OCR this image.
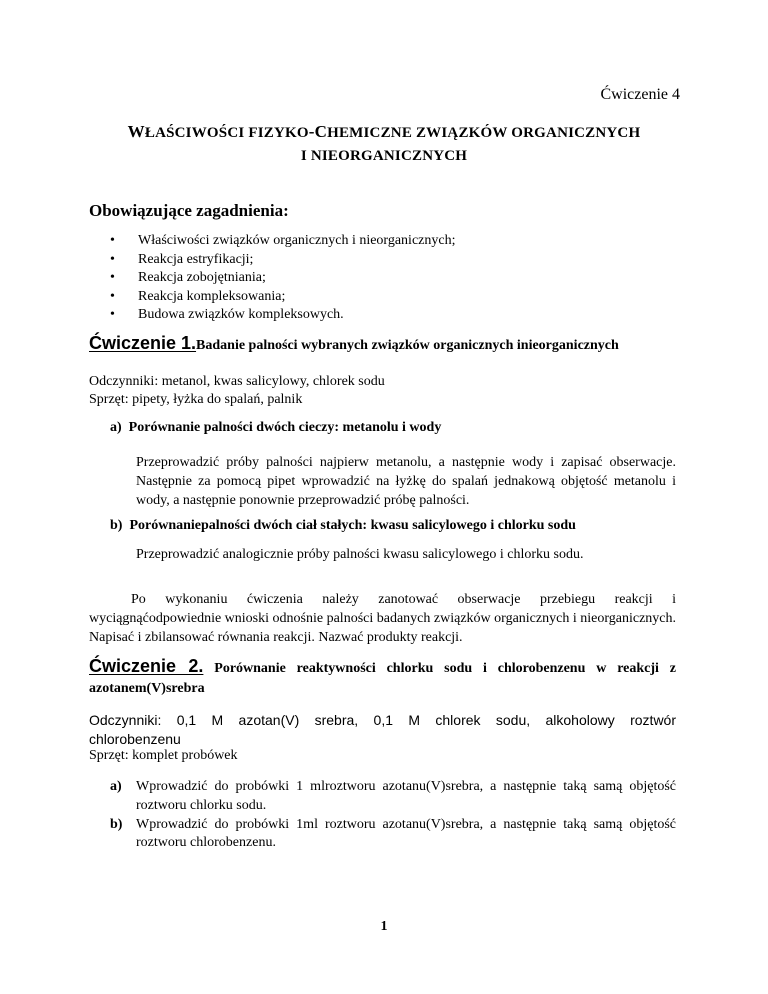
Ćwiczenie 4
WŁAŚCIWOŚCI FIZYKO-CHEMICZNE ZWIĄZKÓW ORGANICZNYCH
I NIEORGANICZNYCH
Obowiązujące zagadnienia:
• Właściwości związków organicznych i nieorganicznych;
• Reakcja estryfikacji;
• Reakcja zobojętniania;
• Reakcja kompleksowania;
• Budowa związków kompleksowych.
Ćwiczenie 1.Badanie palności wybranych związków organicznych inieorganicznych
Odczynniki: metanol, kwas salicylowy, chlorek sodu
Sprzęt: pipety, łyżka do spalań, palnik
a) Porównanie palności dwóch cieczy: metanolu i wody
Przeprowadzić próby palności najpierw metanolu, a następnie wody i zapisać obserwacje. Następnie za pomocą pipet wprowadzić na łyżkę do spalań jednakową objętość metanolu i wody, a następnie ponownie przeprowadzić próbę palności.
b) Porównaniepalności dwóch ciał stałych: kwasu salicylowego i chlorku sodu
Przeprowadzić analogicznie próby palności kwasu salicylowego i chlorku sodu.
Po wykonaniu ćwiczenia należy zanotować obserwacje przebiegu reakcji i wyciągnąćodpowiednie wnioski odnośnie palności badanych związków organicznych i nieorganicznych. Napisać i zbilansować równania reakcji. Nazwać produkty reakcji.
Ćwiczenie 2. Porównanie reaktywności chlorku sodu i chlorobenzenu w reakcji z azotanem(V)srebra
Odczynniki: 0,1 M azotan(V) srebra, 0,1 M chlorek sodu, alkoholowy roztwór chlorobenzenu
Sprzęt: komplet probówek
a) Wprowadzić do probówki 1 mlroztworu azotanu(V)srebra, a następnie taką samą objętość roztworu chlorku sodu.
b) Wprowadzić do probówki 1ml roztworu azotanu(V)srebra, a następnie taką samą objętość roztworu chlorobenzenu.
1
